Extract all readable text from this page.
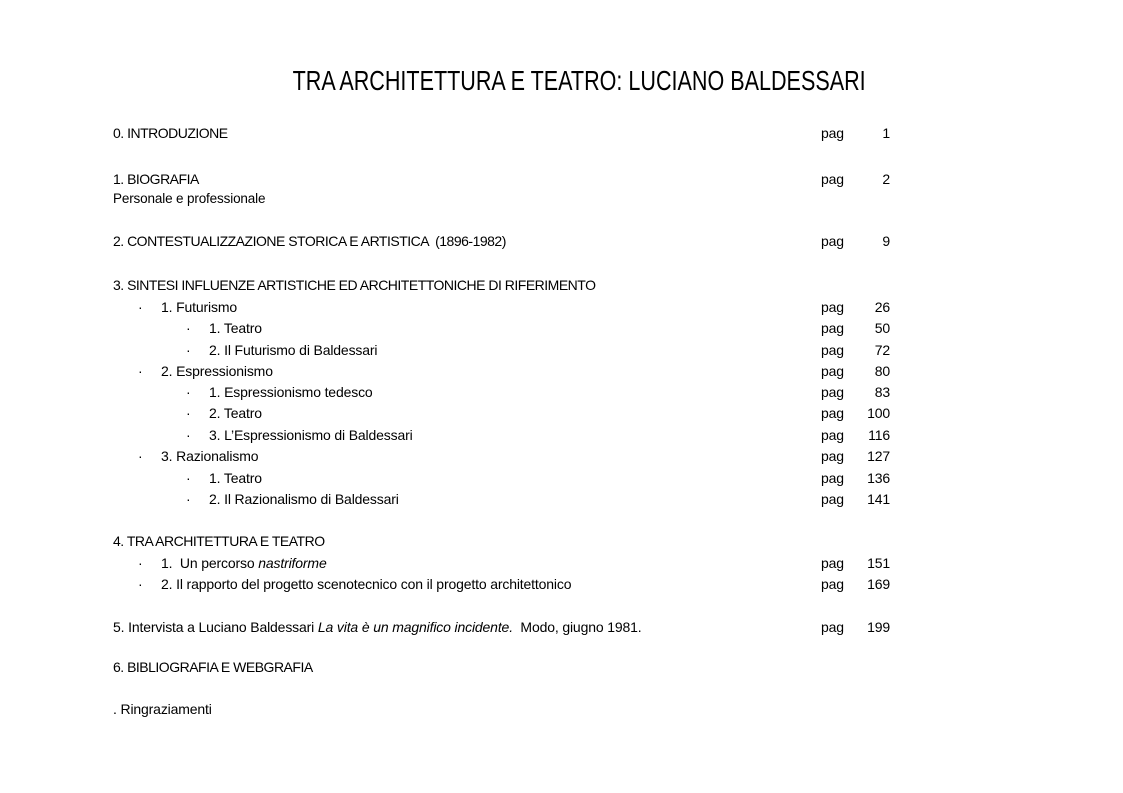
TRA ARCHITETTURA E TEATRO: LUCIANO BALDESSARI
0. INTRODUZIONE	pag	1
1. BIOGRAFIA	pag	2
Personale e professionale
2. CONTESTUALIZZAZIONE STORICA E ARTISTICA  (1896-1982)	pag	9
3. SINTESI INFLUENZE ARTISTICHE ED ARCHITETTONICHE DI RIFERIMENTO
· 1. Futurismo	pag 26
· 1. Teatro	pag 50
· 2. Il Futurismo di Baldessari	pag 72
· 2. Espressionismo	pag 80
· 1. Espressionismo tedesco	pag 83
· 2. Teatro	pag 100
· 3. L’Espressionismo di Baldessari	pag 116
· 3. Razionalismo	pag 127
· 1. Teatro	pag 136
· 2. Il Razionalismo di Baldessari	pag 141
4. TRA ARCHITETTURA E TEATRO
· 1.  Un percorso nastriforme	pag 151
· 2. Il rapporto del progetto scenotecnico con il progetto architettonico	pag 169
5. Intervista a Luciano Baldessari La vita è un magnifico incidente.  Modo, giugno 1981.	pag 199
6. BIBLIOGRAFIA E WEBGRAFIA
. Ringraziamenti
